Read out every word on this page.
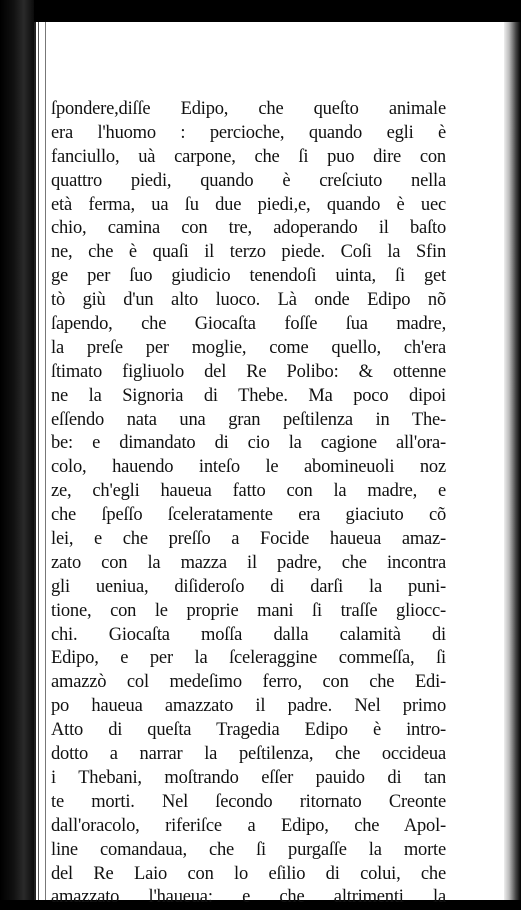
ſpondere,diſſe Edipo, che queſto animale
era l'huomo : percioche, quando egli è
fanciullo, uà carpone, che ſi puo dire con
quattro piedi, quando è creſciuto nella
età ferma, ua ſu due piedi,e, quando è uec
chio, camina con tre, adoperando il baſto
ne, che è quaſi il terzo piede. Coſi la Sfin
ge per ſuo giudicio tenendoſi uinta, ſi get
tò giù d'un alto luoco. Là onde Edipo nõ
ſapendo, che Giocaſta foſſe ſua madre,
la preſe per moglie, come quello, ch'era
ſtimato figliuolo del Re Polibo: & ottenne
ne la Signoria di Thebe. Ma poco dipoi
eſſendo nata una gran peſtilenza in The-
be: e dimandato di cio la cagione all'ora-
colo, hauendo inteſo le abomineuoli noz
ze, ch'egli haueua fatto con la madre, e
che ſpeſſo ſceleratamente era giaciuto cõ
lei, e che preſſo a Focide haueua amaz-
zato con la mazza il padre, che incontra
gli ueniua, diſideroſo di darſi la puni-
tione, con le proprie mani ſi traſſe gliocc-
chi. Giocaſta moſſa dalla calamità di
Edipo, e per la ſceleraggine commeſſa, ſi
amazzò col medeſimo ferro, con che Edi-
po haueua amazzato il padre. Nel primo
Atto di queſta Tragedia Edipo è intro-
dotto a narrar la peſtilenza, che occideua
i Thebani, moſtrando eſſer pauido di tan
te morti. Nel ſecondo ritornato Creonte
dall'oracolo, riferiſce a Edipo, che Apol-
line comandaua, che ſi purgaſſe la morte
del Re Laio con lo eſilio di colui, che
amazzato l'haueua: e che altrimenti la
